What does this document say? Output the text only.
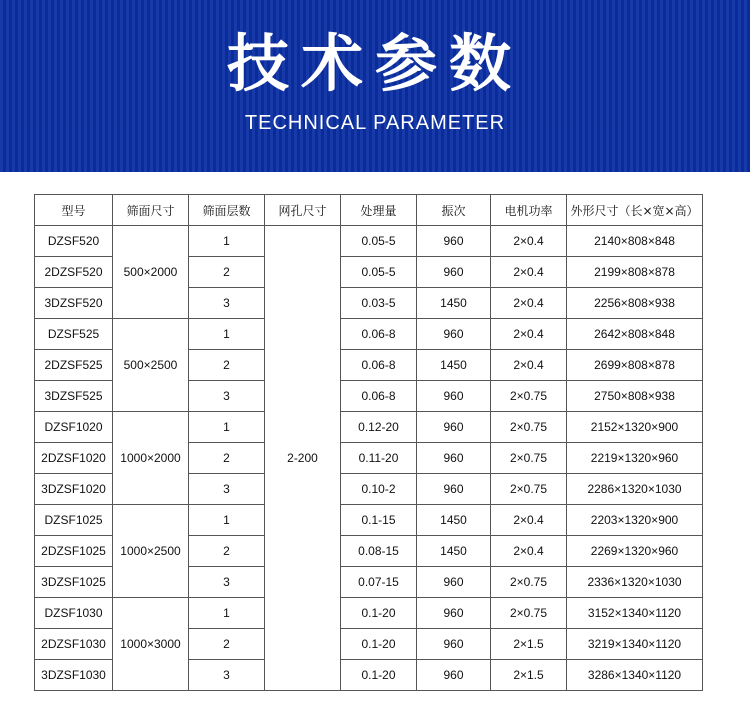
技术参数
TECHNICAL PARAMETER
型号	筛面尺寸	筛面层数	网孔尺寸	处理量	振次	电机功率	外形尺寸（长×宽×高）
DZSF520	500×2000	1	2-200	0.05-5	960	2×0.4	2140×808×848
2DZSF520		2		0.05-5	960	2×0.4	2199×808×878
3DZSF520		3		0.03-5	1450	2×0.4	2256×808×938
DZSF525	500×2500	1		0.06-8	960	2×0.4	2642×808×848
2DZSF525		2		0.06-8	1450	2×0.4	2699×808×878
3DZSF525		3		0.06-8	960	2×0.75	2750×808×938
DZSF1020	1000×2000	1		0.12-20	960	2×0.75	2152×1320×900
2DZSF1020		2		0.11-20	960	2×0.75	2219×1320×960
3DZSF1020		3		0.10-2	960	2×0.75	2286×1320×1030
DZSF1025	1000×2500	1		0.1-15	1450	2×0.4	2203×1320×900
2DZSF1025		2		0.08-15	1450	2×0.4	2269×1320×960
3DZSF1025		3		0.07-15	960	2×0.75	2336×1320×1030
DZSF1030	1000×3000	1		0.1-20	960	2×0.75	3152×1340×1120
2DZSF1030		2		0.1-20	960	2×1.5	3219×1340×1120
3DZSF1030		3		0.1-20	960	2×1.5	3286×1340×1120
